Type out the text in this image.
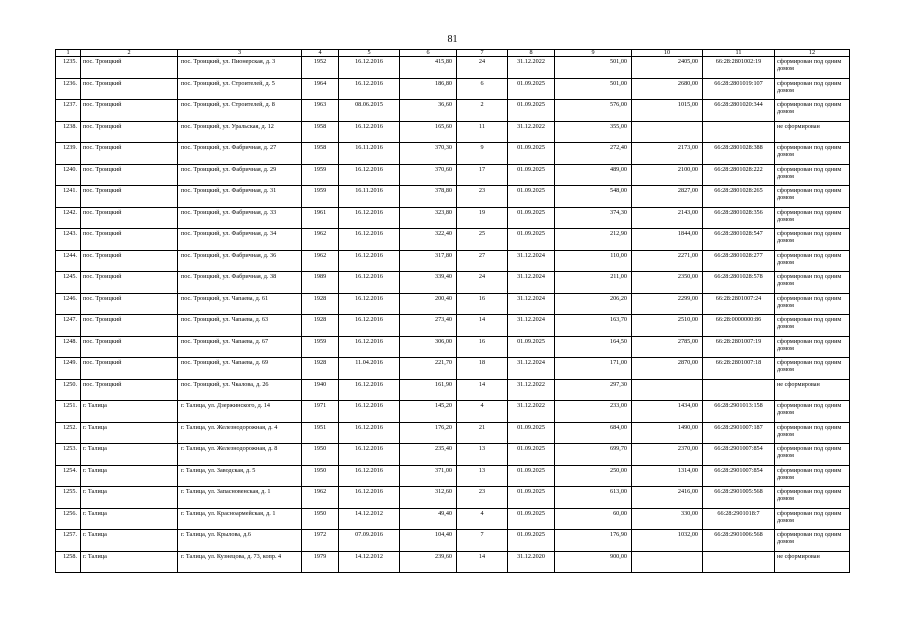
81
1	2	3	4	5	6	7	8	9	10	11	12
1235.	пос. Троицкий	пос. Троицкий, ул. Пионерская, д. 3	1952	16.12.2016	415,80	24	31.12.2022	501,00	2405,00	66:28:2801002:19	сформирован под одним домом
1236.	пос. Троицкий	пос. Троицкий, ул. Строителей, д. 5	1964	16.12.2016	186,80	6	01.09.2025	501,00	2680,00	66:28:2801019:107	сформирован под одним домом
1237.	пос. Троицкий	пос. Троицкий, ул. Строителей, д. 8	1963	08.06.2015	36,60	2	01.09.2025	576,00	1015,00	66:28:2801020:344	сформирован под одним домом
1238.	пос. Троицкий	пос. Троицкий, ул. Уральская, д. 12	1958	16.12.2016	165,60	11	31.12.2022	355,00			не сформирован
1239.	пос. Троицкий	пос. Троицкий, ул. Фабричная, д. 27	1958	16.11.2016	370,30	9	01.09.2025	272,40	2173,00	66:28:2801028:388	сформирован под одним домом
1240.	пос. Троицкий	пос. Троицкий, ул. Фабричная, д. 29	1959	16.12.2016	370,60	17	01.09.2025	489,00	2100,00	66:28:2801028:222	сформирован под одним домом
1241.	пос. Троицкий	пос. Троицкий, ул. Фабричная, д. 31	1959	16.11.2016	378,80	23	01.09.2025	548,00	2827,00	66:28:2801028:265	сформирован под одним домом
1242.	пос. Троицкий	пос. Троицкий, ул. Фабричная, д. 33	1961	16.12.2016	323,80	19	01.09.2025	374,30	2143,00	66:28:2801028:356	сформирован под одним домом
1243.	пос. Троицкий	пос. Троицкий, ул. Фабричная, д. 34	1962	16.12.2016	322,40	25	01.09.2025	212,90	1844,00	66:28:2801028:547	сформирован под одним домом
1244.	пос. Троицкий	пос. Троицкий, ул. Фабричная, д. 36	1962	16.12.2016	317,80	27	31.12.2024	110,00	2271,00	66:28:2801028:277	сформирован под одним домом
1245.	пос. Троицкий	пос. Троицкий, ул. Фабричная, д. 38	1989	16.12.2016	339,40	24	31.12.2024	211,00	2350,00	66:28:2801028:578	сформирован под одним домом
1246.	пос. Троицкий	пос. Троицкий, ул. Чапаева, д. 61	1928	16.12.2016	200,40	16	31.12.2024	206,20	2299,00	66:28:2801007:24	сформирован под одним домом
1247.	пос. Троицкий	пос. Троицкий, ул. Чапаева, д. 63	1928	16.12.2016	273,40	14	31.12.2024	163,70	2510,00	66:28:0000000:86	сформирован под одним домом
1248.	пос. Троицкий	пос. Троицкий, ул. Чапаева, д. 67	1959	16.12.2016	306,00	16	01.09.2025	164,50	2785,00	66:28:2801007:19	сформирован под одним домом
1249.	пос. Троицкий	пос. Троицкий, ул. Чапаева, д. 69	1928	11.04.2016	221,70	18	31.12.2024	171,00	2870,00	66:28:2801007:18	сформирован под одним домом
1250.	пос. Троицкий	пос. Троицкий, ул. Чкалова, д. 26	1940	16.12.2016	161,90	14	31.12.2022	297,30			не сформирован
1251.	г. Талица	г. Талица, ул. Дзержинского, д. 14	1971	16.12.2016	145,20	4	31.12.2022	233,00	1434,00	66:28:2901013:158	сформирован под одним домом
1252.	г. Талица	г. Талица, ул. Железнодорожная, д. 4	1951	16.12.2016	176,20	21	01.09.2025	684,00	1490,00	66:28:2901007:187	сформирован под одним домом
1253.	г. Талица	г. Талица, ул. Железнодорожная, д. 8	1950	16.12.2016	235,40	13	01.09.2025	699,70	2370,00	66:28:2901007:854	сформирован под одним домом
1254.	г. Талица	г. Талица, ул. Заводская, д. 5	1950	16.12.2016	371,00	13	01.09.2025	250,00	1314,00	66:28:2901007:854	сформирован под одним домом
1255.	г. Талица	г. Талица, ул. Запасновенская, д. 1	1962	16.12.2016	312,60	23	01.09.2025	613,00	2416,00	66:28:2901005:568	сформирован под одним домом
1256.	г. Талица	г. Талица, ул. Красноармейская, д. 1	1950	14.12.2012	49,40	4	01.09.2025	60,00	330,00	66:28:2901018:7	сформирован под одним домом
1257.	г. Талица	г. Талица, ул. Крылова, д.6	1972	07.09.2016	104,40	7	01.09.2025	176,90	1032,00	66:28:2901006:568	сформирован под одним домом
1258.	г. Талица	г. Талица, ул. Кузнецова, д. 73, копр. 4	1979	14.12.2012	239,60	14	31.12.2020	900,00			не сформирован
